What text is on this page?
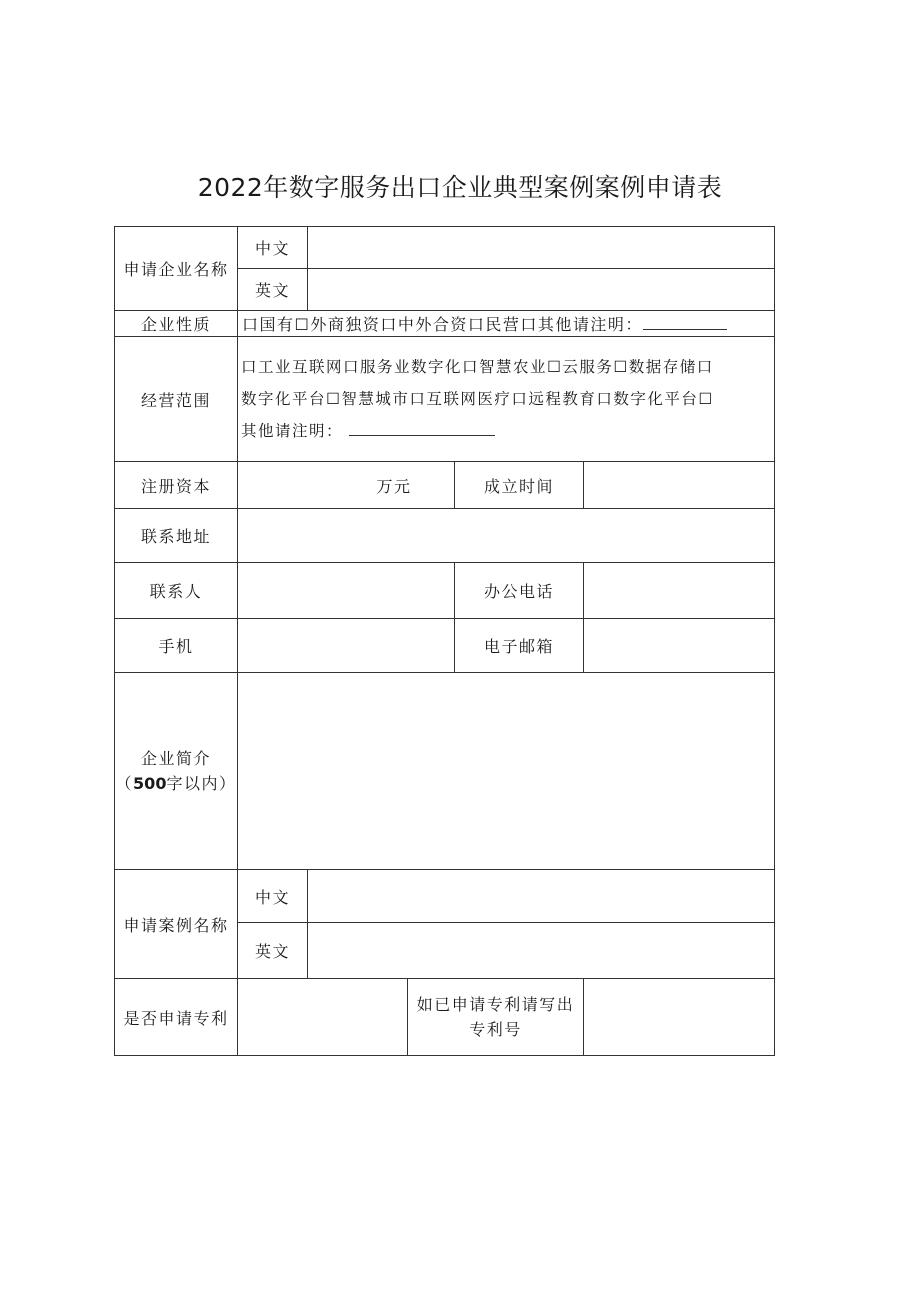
2022年数字服务出口企业典型案例案例申请表
申请企业名称	中文				
	英文				
企业性质	口国有☐外商独资口中外合资口民营口其他请注明：				
经营范围	口工业互联网口服务业数字化口智慧农业☐云服务☐数据存储口
数字化平台☐智慧城市口互联网医疗口远程教育口数字化平台☐
其他请注明：				

注册资本	万元			成立时间	
联系地址					
联系人				办公电话	
手机				电子邮箱	

企业简介
（500字以内）					

申请案例名称	中文				
	英文				
是否申请专利			如已申请专利请写出
专利号		
